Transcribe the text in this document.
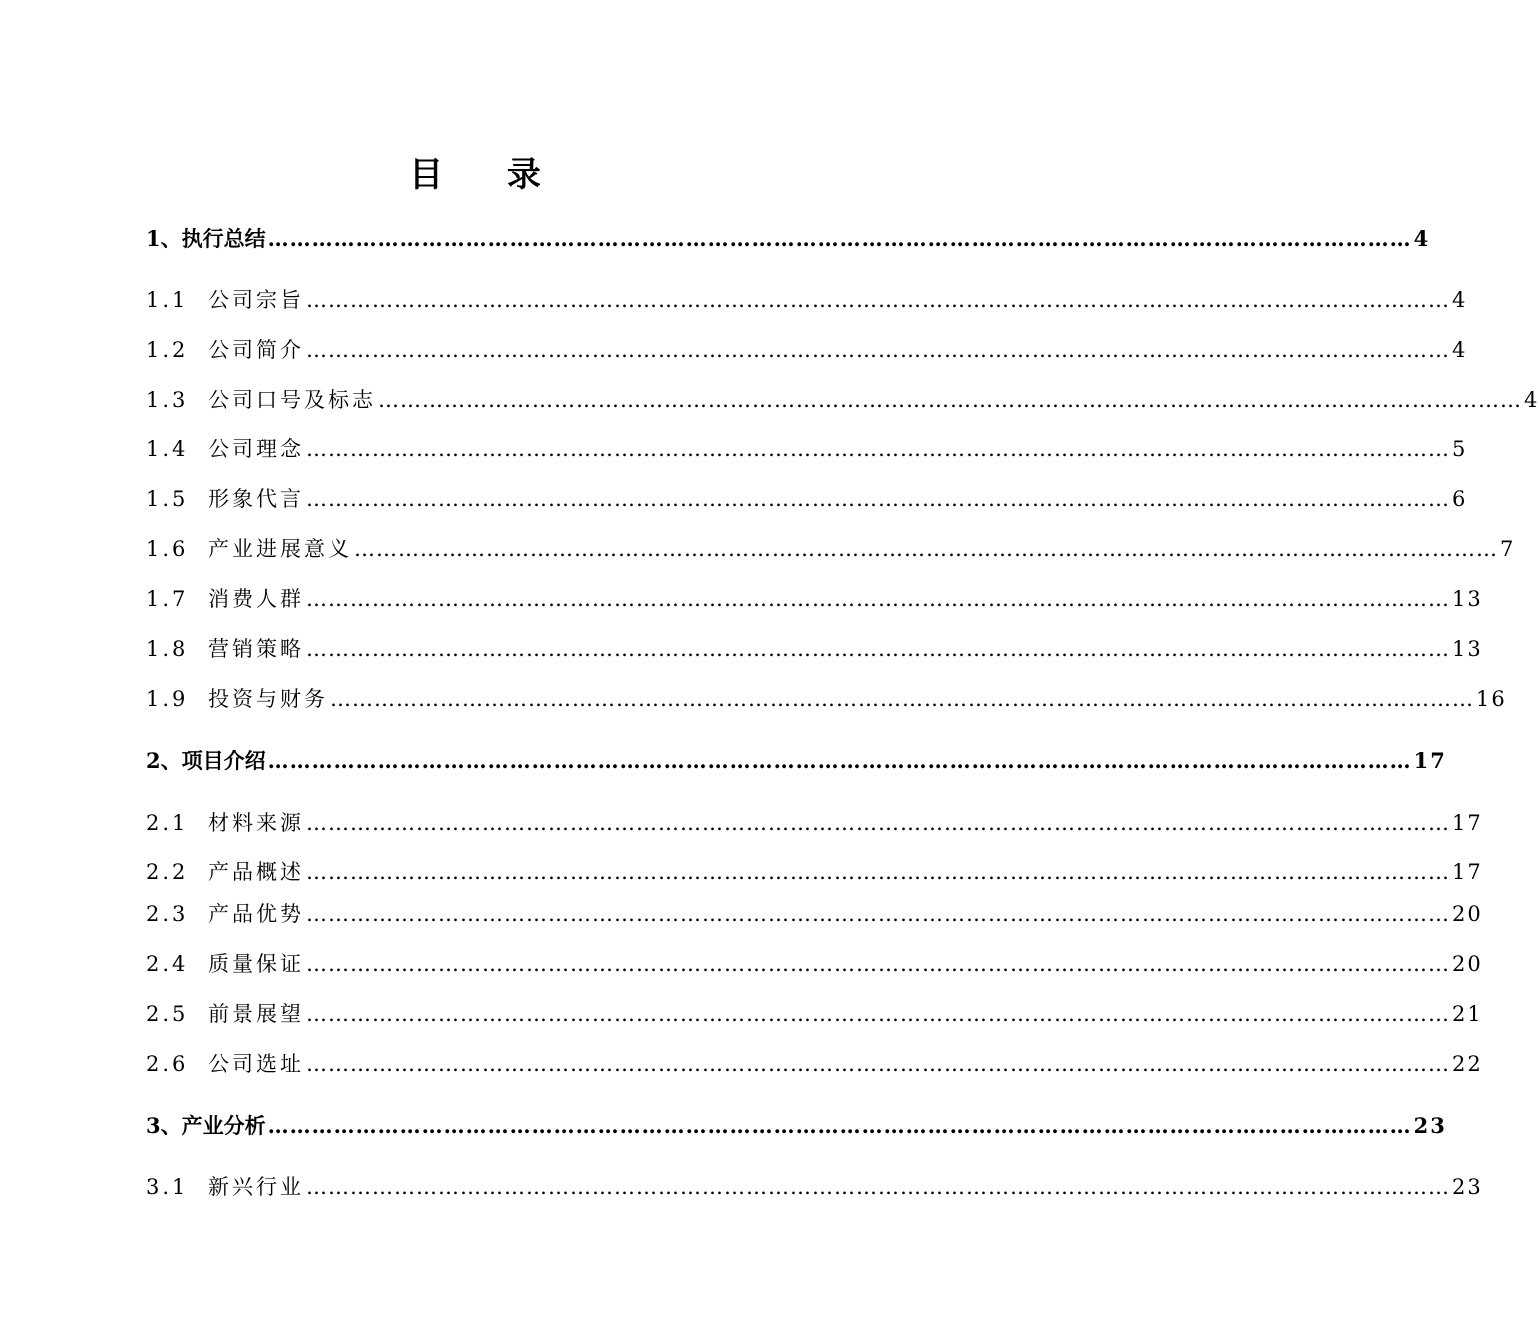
目 录
1、 执行总结 ………………………………………………………………………………………………………………………………………… 4
1.1 公司宗旨 ………………………………………………………………………………………………………………………………………… 4
1.2 公司简介 ………………………………………………………………………………………………………………………………………… 4
1.3 公司口号及标志 ………………………………………………………………………………………………………………………………………… 4
1.4 公司理念 ………………………………………………………………………………………………………………………………………… 5
1.5 形象代言 ………………………………………………………………………………………………………………………………………… 6
1.6 产业进展意义 ………………………………………………………………………………………………………………………………………… 7
1.7 消费人群 ………………………………………………………………………………………………………………………………………… 13
1.8 营销策略 ………………………………………………………………………………………………………………………………………… 13
1.9 投资与财务 ………………………………………………………………………………………………………………………………………… 16
2、 项目介绍 ………………………………………………………………………………………………………………………………………… 17
2.1 材料来源 ………………………………………………………………………………………………………………………………………… 17
2.2 产品概述 ………………………………………………………………………………………………………………………………………… 17
2.3 产品优势 ………………………………………………………………………………………………………………………………………… 20
2.4 质量保证 ………………………………………………………………………………………………………………………………………… 20
2.5 前景展望 ………………………………………………………………………………………………………………………………………… 21
2.6 公司选址 ………………………………………………………………………………………………………………………………………… 22
3、 产业分析 ………………………………………………………………………………………………………………………………………… 23
3.1 新兴行业 ………………………………………………………………………………………………………………………………………… 23
